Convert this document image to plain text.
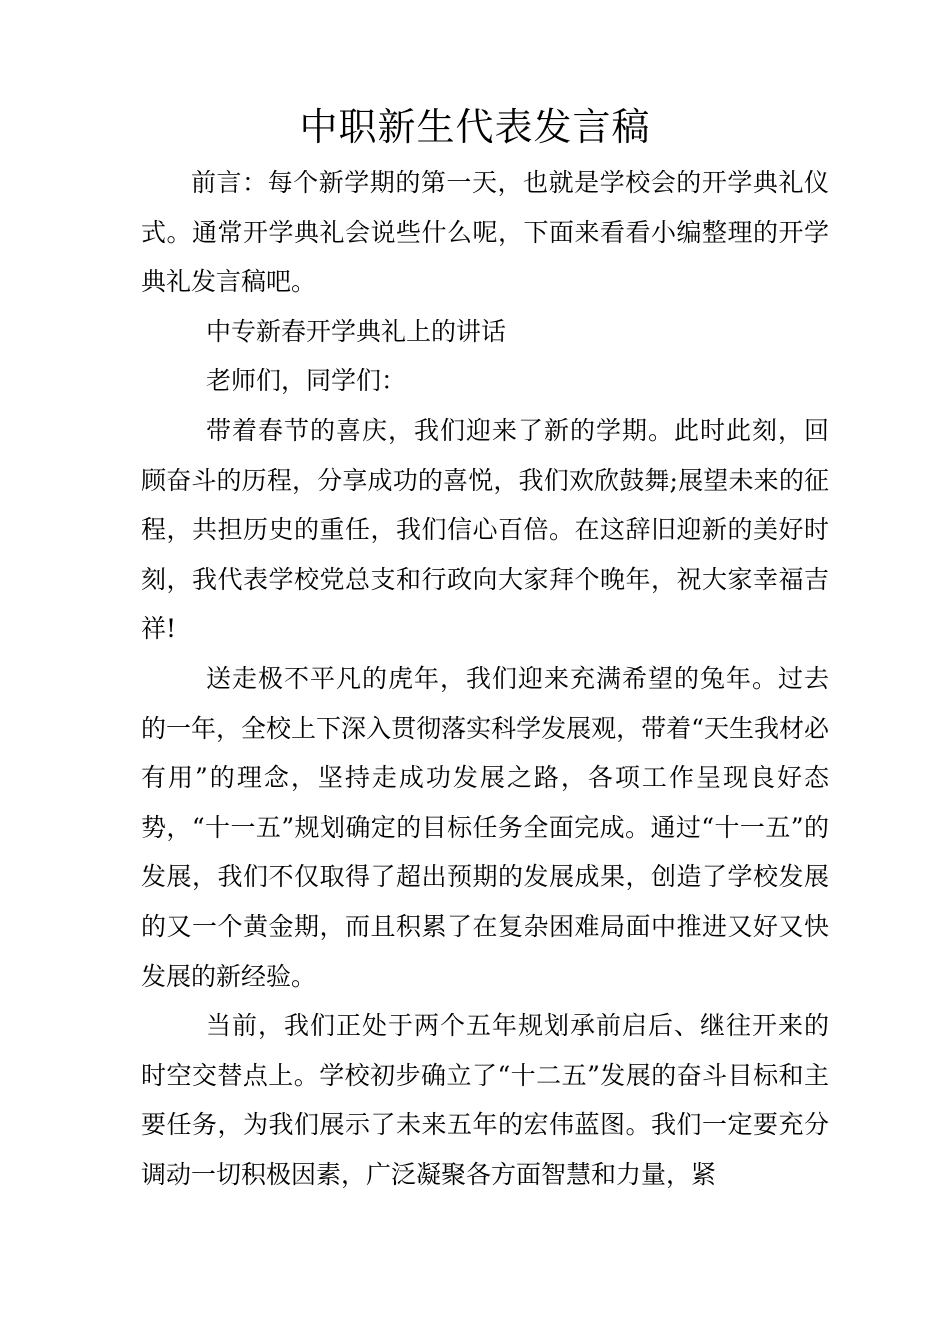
中职新生代表发言稿

前言：每个新学期的第一天，也就是学校会的开学典礼仪式。通常开学典礼会说些什么呢，下面来看看小编整理的开学典礼发言稿吧。

中专新春开学典礼上的讲话

老师们，同学们：

带着春节的喜庆，我们迎来了新的学期。此时此刻，回顾奋斗的历程，分享成功的喜悦，我们欢欣鼓舞;展望未来的征程，共担历史的重任，我们信心百倍。在这辞旧迎新的美好时刻，我代表学校党总支和行政向大家拜个晚年，祝大家幸福吉祥!

送走极不平凡的虎年，我们迎来充满希望的兔年。过去的一年，全校上下深入贯彻落实科学发展观，带着“天生我材必有用”的理念，坚持走成功发展之路，各项工作呈现良好态势，“十一五”规划确定的目标任务全面完成。通过“十一五”的发展，我们不仅取得了超出预期的发展成果，创造了学校发展的又一个黄金期，而且积累了在复杂困难局面中推进又好又快发展的新经验。

当前，我们正处于两个五年规划承前启后、继往开来的时空交替点上。学校初步确立了“十二五”发展的奋斗目标和主要任务，为我们展示了未来五年的宏伟蓝图。我们一定要充分调动一切积极因素，广泛凝聚各方面智慧和力量，紧
